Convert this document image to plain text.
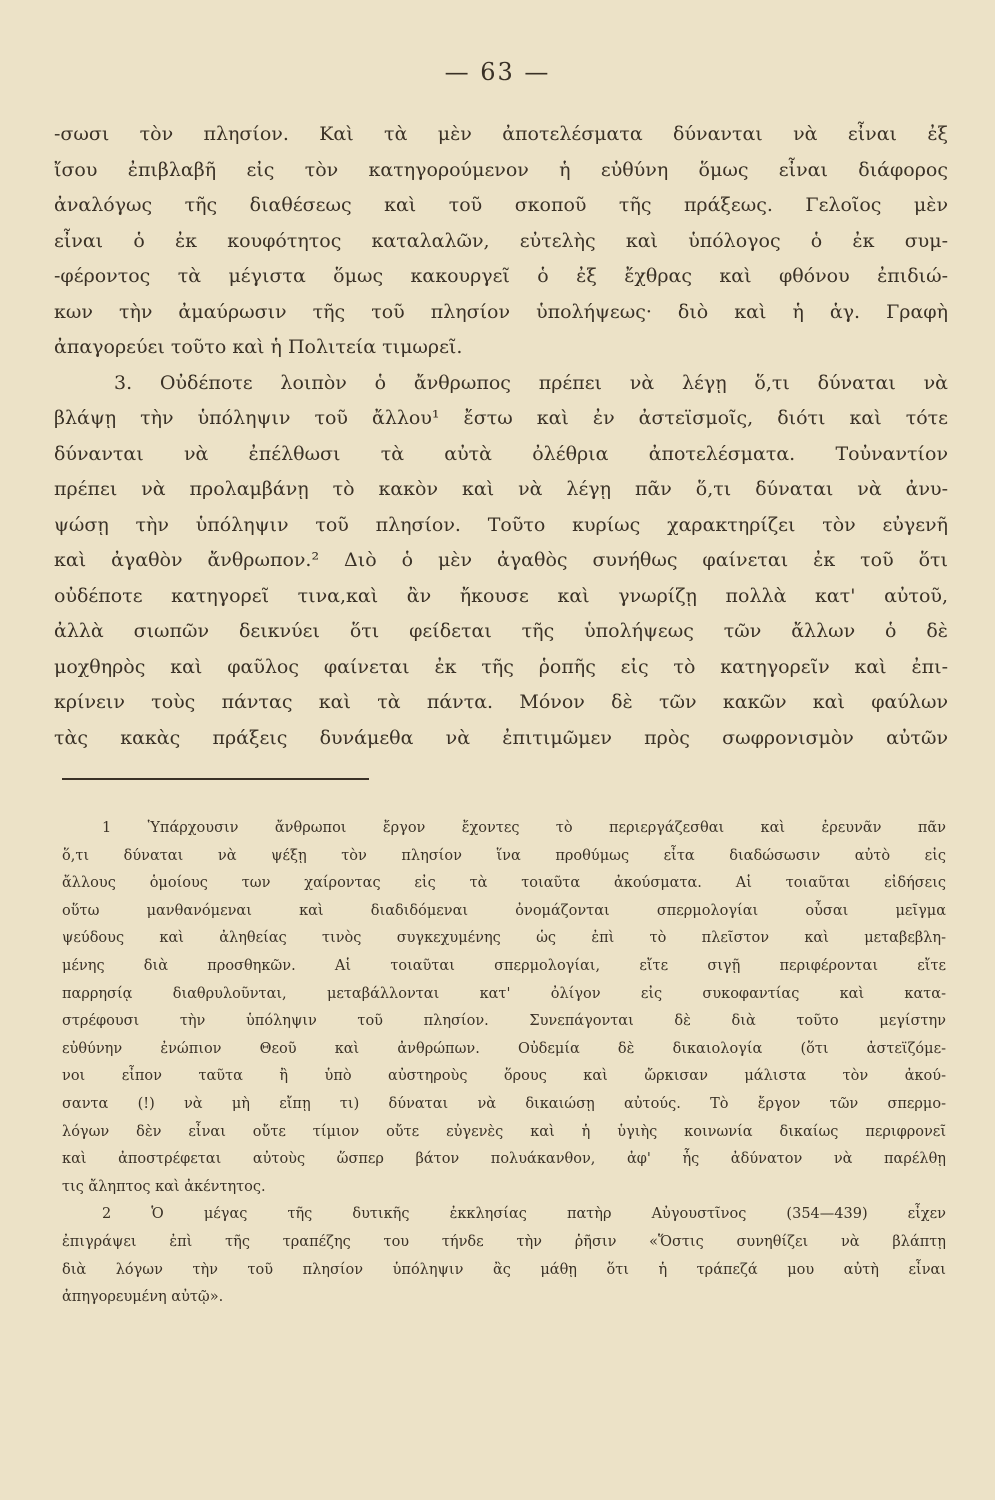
— 63 —
-σωσι τὸν πλησίον. Καὶ τὰ μὲν ἀποτελέσματα δύνανται νὰ εἶναι ἐξ
ἴσου ἐπιβλαβῆ εἰς τὸν κατηγορούμενον ἡ εὐθύνη ὅμως εἶναι διάφορος
ἀναλόγως τῆς διαθέσεως καὶ τοῦ σκοποῦ τῆς πράξεως. Γελοῖος μὲν
εἶναι ὁ ἐκ κουφότητος καταλαλῶν, εὐτελὴς καὶ ὑπόλογος ὁ ἐκ συμ-
-φέροντος τὰ μέγιστα ὅμως κακουργεῖ ὁ ἐξ ἔχθρας καὶ φθόνου ἐπιδιώ-
κων τὴν ἀμαύρωσιν τῆς τοῦ πλησίον ὑπολήψεως· διὸ καὶ ἡ ἁγ. Γραφὴ
ἀπαγορεύει τοῦτο καὶ ἡ Πολιτεία τιμωρεῖ.
3. Οὐδέποτε λοιπὸν ὁ ἄνθρωπος πρέπει νὰ λέγῃ ὅ,τι δύναται νὰ
βλάψῃ τὴν ὑπόληψιν τοῦ ἄλλου¹ ἔστω καὶ ἐν ἀστεϊσμοῖς, διότι καὶ τότε
δύνανται νὰ ἐπέλθωσι τὰ αὐτὰ ὀλέθρια ἀποτελέσματα. Τοὐναντίον
πρέπει νὰ προλαμβάνῃ τὸ κακὸν καὶ νὰ λέγῃ πᾶν ὅ,τι δύναται νὰ ἀνυ-
ψώσῃ τὴν ὑπόληψιν τοῦ πλησίον. Τοῦτο κυρίως χαρακτηρίζει τὸν εὐγενῆ
καὶ ἀγαθὸν ἄνθρωπον.² Διὸ ὁ μὲν ἀγαθὸς συνήθως φαίνεται ἐκ τοῦ ὅτι
οὐδέποτε κατηγορεῖ τινα,καὶ ἂν ἤκουσε καὶ γνωρίζῃ πολλὰ κατ' αὐτοῦ,
ἀλλὰ σιωπῶν δεικνύει ὅτι φείδεται τῆς ὑπολήψεως τῶν ἄλλων ὁ δὲ
μοχθηρὸς καὶ φαῦλος φαίνεται ἐκ τῆς ῥοπῆς εἰς τὸ κατηγορεῖν καὶ ἐπι-
κρίνειν τοὺς πάντας καὶ τὰ πάντα. Μόνον δὲ τῶν κακῶν καὶ φαύλων
τὰς κακὰς πράξεις δυνάμεθα νὰ ἐπιτιμῶμεν πρὸς σωφρονισμὸν αὐτῶν
1 Ὑπάρχουσιν ἄνθρωποι ἔργον ἔχοντες τὸ περιεργάζεσθαι καὶ ἐρευνᾶν πᾶν
ὅ,τι δύναται νὰ ψέξῃ τὸν πλησίον ἵνα προθύμως εἶτα διαδώσωσιν αὐτὸ εἰς
ἄλλους ὁμοίους των χαίροντας εἰς τὰ τοιαῦτα ἀκούσματα. Αἱ τοιαῦται εἰδήσεις
οὕτω μανθανόμεναι καὶ διαδιδόμεναι ὀνομάζονται σπερμολογίαι οὖσαι μεῖγμα
ψεύδους καὶ ἀληθείας τινὸς συγκεχυμένης ὡς ἐπὶ τὸ πλεῖστον καὶ μεταβεβλη-
μένης διὰ προσθηκῶν. Αἱ τοιαῦται σπερμολογίαι, εἴτε σιγῇ περιφέρονται εἴτε
παρρησίᾳ διαθρυλοῦνται, μεταβάλλονται κατ' ὀλίγον εἰς συκοφαντίας καὶ κατα-
στρέφουσι τὴν ὑπόληψιν τοῦ πλησίον. Συνεπάγονται δὲ διὰ τοῦτο μεγίστην
εὐθύνην ἐνώπιον Θεοῦ καὶ ἀνθρώπων. Οὐδεμία δὲ δικαιολογία (ὅτι ἀστεϊζόμε-
νοι εἶπον ταῦτα ἢ ὑπὸ αὐστηροὺς ὅρους καὶ ὤρκισαν μάλιστα τὸν ἀκού-
σαντα (!) νὰ μὴ εἴπῃ τι) δύναται νὰ δικαιώσῃ αὐτούς. Τὸ ἔργον τῶν σπερμο-
λόγων δὲν εἶναι οὔτε τίμιον οὔτε εὐγενὲς καὶ ἡ ὑγιὴς κοινωνία δικαίως περιφρονεῖ
καὶ ἀποστρέφεται αὐτοὺς ὥσπερ βάτον πολυάκανθον, ἀφ' ἧς ἀδύνατον νὰ παρέλθῃ
τις ἄληπτος καὶ ἀκέντητος.
2 Ὁ μέγας τῆς δυτικῆς ἐκκλησίας πατὴρ Αὐγουστῖνος (354—439) εἶχεν
ἐπιγράψει ἐπὶ τῆς τραπέζης του τήνδε τὴν ῥῆσιν «Ὅστις συνηθίζει νὰ βλάπτῃ
διὰ λόγων τὴν τοῦ πλησίον ὑπόληψιν ἂς μάθῃ ὅτι ἡ τράπεζά μου αὐτὴ εἶναι
ἀπηγορευμένη αὐτῷ».
